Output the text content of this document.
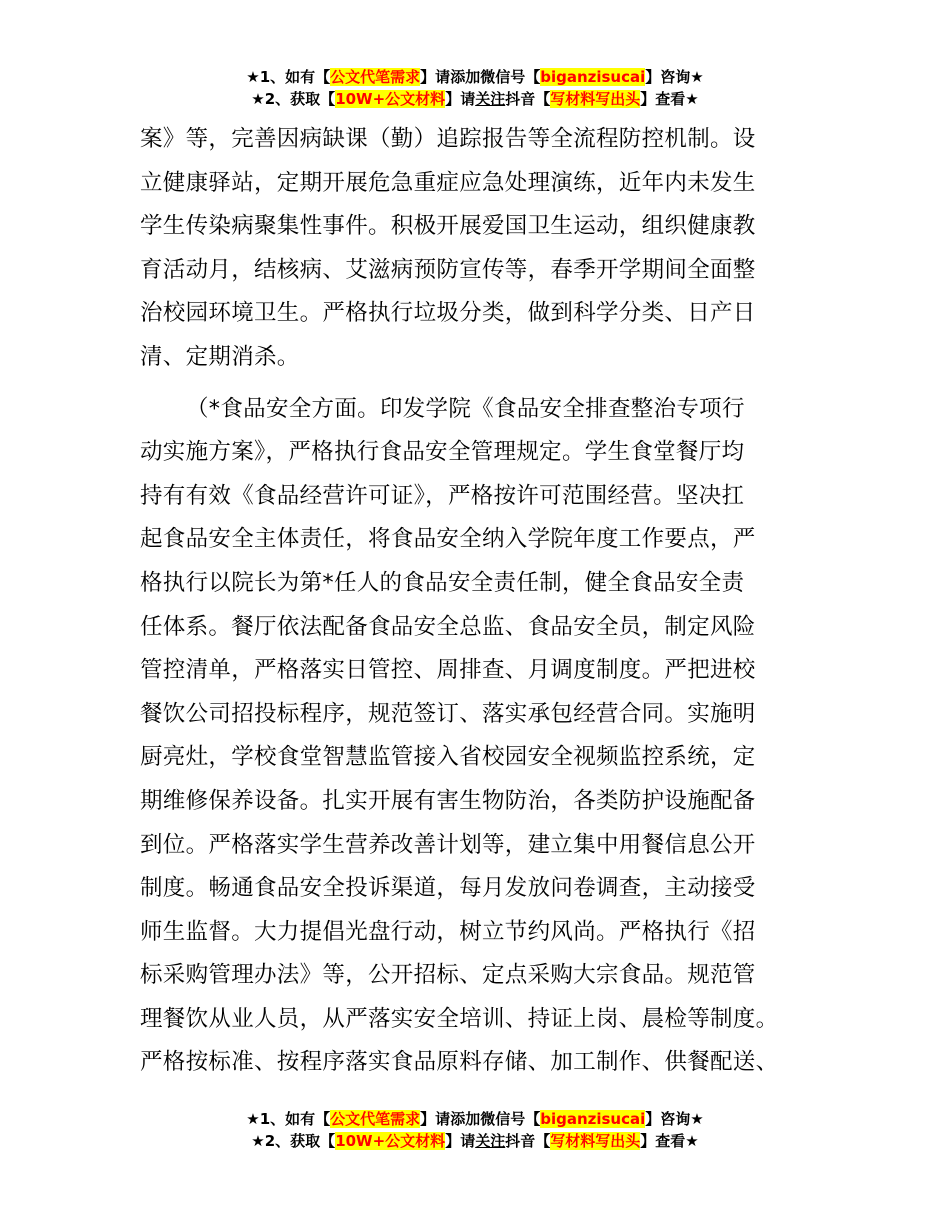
★1、如有【公文代笔需求】请添加微信号【biganzisucai】咨询★
★2、获取【10W+公文材料】请关注抖音【写材料写出头】查看★

案》等，完善因病缺课（勤）追踪报告等全流程防控机制。设
立健康驿站，定期开展危急重症应急处理演练，近年内未发生
学生传染病聚集性事件。积极开展爱国卫生运动，组织健康教
育活动月，结核病、艾滋病预防宣传等，春季开学期间全面整
治校园环境卫生。严格执行垃圾分类，做到科学分类、日产日
清、定期消杀。

（*食品安全方面。印发学院《食品安全排查整治专项行
动实施方案》，严格执行食品安全管理规定。学生食堂餐厅均
持有有效《食品经营许可证》，严格按许可范围经营。坚决扛
起食品安全主体责任，将食品安全纳入学院年度工作要点，严
格执行以院长为第*任人的食品安全责任制，健全食品安全责
任体系。餐厅依法配备食品安全总监、食品安全员，制定风险
管控清单，严格落实日管控、周排查、月调度制度。严把进校
餐饮公司招投标程序，规范签订、落实承包经营合同。实施明
厨亮灶，学校食堂智慧监管接入省校园安全视频监控系统，定
期维修保养设备。扎实开展有害生物防治，各类防护设施配备
到位。严格落实学生营养改善计划等，建立集中用餐信息公开
制度。畅通食品安全投诉渠道，每月发放问卷调查，主动接受
师生监督。大力提倡光盘行动，树立节约风尚。严格执行《招
标采购管理办法》等，公开招标、定点采购大宗食品。规范管
理餐饮从业人员，从严落实安全培训、持证上岗、晨检等制度。
严格按标准、按程序落实食品原料存储、加工制作、供餐配送、

★1、如有【公文代笔需求】请添加微信号【biganzisucai】咨询★
★2、获取【10W+公文材料】请关注抖音【写材料写出头】查看★
